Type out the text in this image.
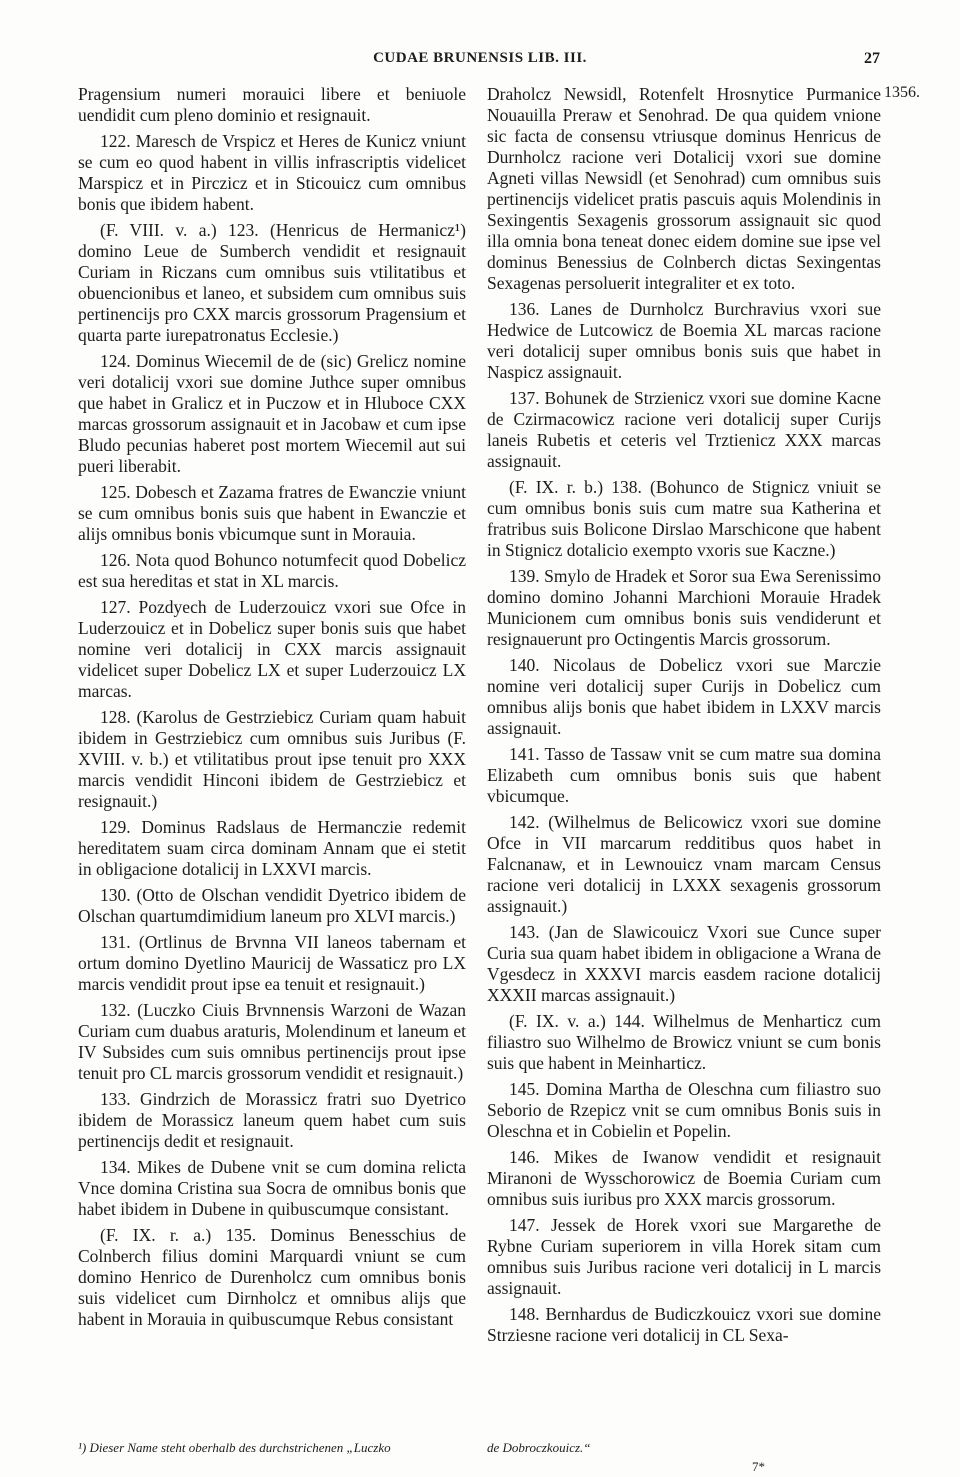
CUDAE BRUNENSIS LIB. III.	27
1356.

Pragensium numeri morauici libere et beniuole uendidit cum pleno dominio et resignauit.

122. Maresch de Vrspicz et Heres de Kunicz vniunt se cum eo quod habent in villis infrascriptis videlicet Marspicz et in Pirczicz et in Sticouicz cum omnibus bonis que ibidem habent.

(F. VIII. v. a.) 123. (Henricus de Hermanicz¹) domino Leue de Sumberch vendidit et resignauit Curiam in Riczans cum omnibus suis vtilitatibus et obuencionibus et laneo, et subsidem cum omnibus suis pertinencijs pro CXX marcis grossorum Pragensium et quarta parte iurepatronatus Ecclesie.)

124. Dominus Wiecemil de de (sic) Grelicz nomine veri dotalicij vxori sue domine Juthce super omnibus que habet in Gralicz et in Puczow et in Hluboce CXX marcas grossorum assignauit et in Jacobaw et cum ipse Bludo pecunias haberet post mortem Wiecemil aut sui pueri liberabit.

125. Dobesch et Zazama fratres de Ewanczie vniunt se cum omnibus bonis suis que habent in Ewanczie et alijs omnibus bonis vbicumque sunt in Morauia.

126. Nota quod Bohunco notumfecit quod Dobelicz est sua hereditas et stat in XL marcis.

127. Pozdyech de Luderzouicz vxori sue Ofce in Luderzouicz et in Dobelicz super bonis suis que habet nomine veri dotalicij in CXX marcis assignauit videlicet super Dobelicz LX et super Luderzouicz LX marcas.

128. (Karolus de Gestrziebicz Curiam quam habuit ibidem in Gestrziebicz cum omnibus suis Juribus (F. XVIII. v. b.) et vtilitatibus prout ipse tenuit pro XXX marcis vendidit Hinconi ibidem de Gestrziebicz et resignauit.)

129. Dominus Radslaus de Hermanczie redemit hereditatem suam circa dominam Annam que ei stetit in obligacione dotalicij in LXXVI marcis.

130. (Otto de Olschan vendidit Dyetrico ibidem de Olschan quartumdimidium laneum pro XLVI marcis.)

131. (Ortlinus de Brvnna VII laneos tabernam et ortum domino Dyetlino Mauricij de Wassaticz pro LX marcis vendidit prout ipse ea tenuit et resignauit.)

132. (Luczko Ciuis Brvnnensis Warzoni de Wazan Curiam cum duabus araturis, Molendinum et laneum et IV Subsides cum suis omnibus pertinencijs prout ipse tenuit pro CL marcis grossorum vendidit et resignauit.)

133. Gindrzich de Morassicz fratri suo Dyetrico ibidem de Morassicz laneum quem habet cum suis pertinencijs dedit et resignauit.

134. Mikes de Dubene vnit se cum domina relicta Vnce domina Cristina sua Socra de omnibus bonis que habet ibidem in Dubene in quibuscumque consistant.

(F. IX. r. a.) 135. Dominus Benesschius de Colnberch filius domini Marquardi vniunt se cum domino Henrico de Durenholcz cum omnibus bonis suis videlicet cum Dirnholcz et omnibus alijs que habent in Morauia in quibuscumque Rebus consistant

Draholcz Newsidl, Rotenfelt Hrosnytice Purmanice Nouauilla Preraw et Senohrad. De qua quidem vnione sic facta de consensu vtriusque dominus Henricus de Durnholcz racione veri Dotalicij vxori sue domine Agneti villas Newsidl (et Senohrad) cum omnibus suis pertinencijs videlicet pratis pascuis aquis Molendinis in Sexingentis Sexagenis grossorum assignauit sic quod illa omnia bona teneat donec eidem domine sue ipse vel dominus Benessius de Colnberch dictas Sexingentas Sexagenas persoluerit integraliter et ex toto.

136. Lanes de Durnholcz Burchravius vxori sue Hedwice de Lutcowicz de Boemia XL marcas racione veri dotalicij super omnibus bonis suis que habet in Naspicz assignauit.

137. Bohunek de Strzienicz vxori sue domine Kacne de Czirmacowicz racione veri dotalicij super Curijs laneis Rubetis et ceteris vel Trztienicz XXX marcas assignauit.

(F. IX. r. b.) 138. (Bohunco de Stignicz vniuit se cum omnibus bonis suis cum matre sua Katherina et fratribus suis Bolicone Dirslao Marschicone que habent in Stignicz dotalicio exempto vxoris sue Kaczne.)

139. Smylo de Hradek et Soror sua Ewa Serenissimo domino domino Johanni Marchioni Morauie Hradek Municionem cum omnibus bonis suis vendiderunt et resignauerunt pro Octingentis Marcis grossorum.

140. Nicolaus de Dobelicz vxori sue Marczie nomine veri dotalicij super Curijs in Dobelicz cum omnibus alijs bonis que habet ibidem in LXXV marcis assignauit.

141. Tasso de Tassaw vnit se cum matre sua domina Elizabeth cum omnibus bonis suis que habent vbicumque.

142. (Wilhelmus de Belicowicz vxori sue domine Ofce in VII marcarum redditibus quos habet in Falcnanaw, et in Lewnouicz vnam marcam Census racione veri dotalicij in LXXX sexagenis grossorum assignauit.)

143. (Jan de Slawicouicz Vxori sue Cunce super Curia sua quam habet ibidem in obligacione a Wrana de Vgesdecz in XXXVI marcis easdem racione dotalicij XXXII marcas assignauit.)

(F. IX. v. a.) 144. Wilhelmus de Menharticz cum filiastro suo Wilhelmo de Browicz vniunt se cum bonis suis que habent in Meinharticz.

145. Domina Martha de Oleschna cum filiastro suo Seborio de Rzepicz vnit se cum omnibus Bonis suis in Oleschna et in Cobielin et Popelin.

146. Mikes de Iwanow vendidit et resignauit Miranoni de Wysschorowicz de Boemia Curiam cum omnibus suis iuribus pro XXX marcis grossorum.

147. Jessek de Horek vxori sue Margarethe de Rybne Curiam superiorem in villa Horek sitam cum omnibus suis Juribus racione veri dotalicij in L marcis assignauit.

148. Bernhardus de Budiczkouicz vxori sue domine Strziesne racione veri dotalicij in CL Sexa-

¹) Dieser Name steht oberhalb des durchstrichenen „Luczko	de Dobroczkouicz.“
7*
